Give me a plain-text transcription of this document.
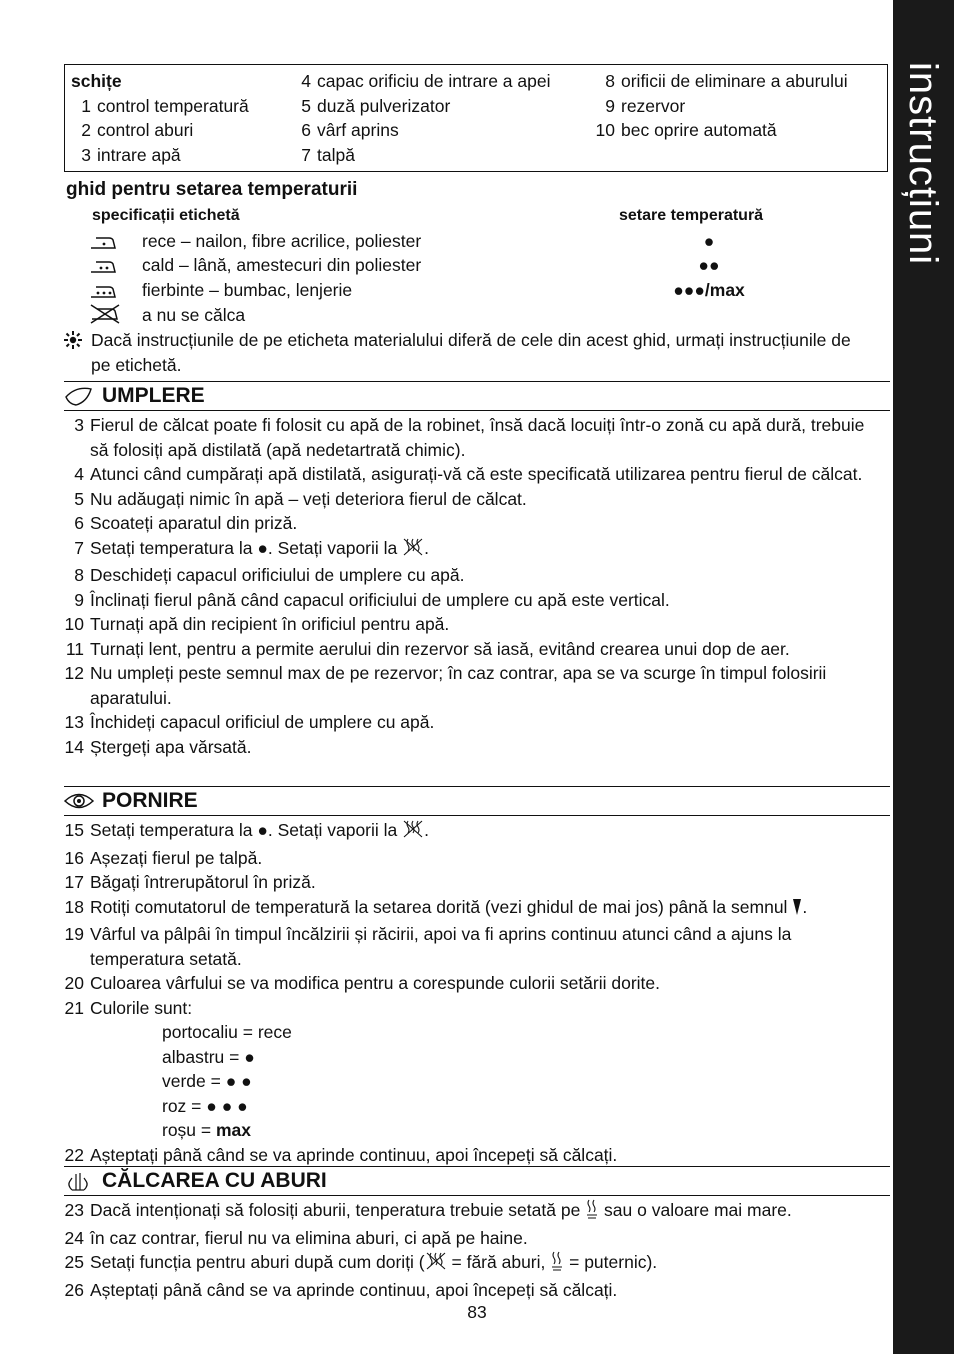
instrucțiuni
schițe
1 control temperatură
2 control aburi
3 intrare apă
4 capac orificiu de intrare a apei
5 duză pulverizator
6 vârf aprins
7 talpă
8 orificii de eliminare a aburului
9 rezervor
10 bec oprire automată
ghid pentru setarea temperaturii
specificații etichetă	setare temperatură
rece – nailon, fibre acrilice, poliester	●
cald – lână, amestecuri din poliester	●●
fierbinte – bumbac, lenjerie	●●●/max
a nu se călca
Dacă instrucțiunile de pe eticheta materialului diferă de cele din acest ghid, urmați instrucțiunile de pe etichetă.
UMPLERE
3 Fierul de călcat poate fi folosit cu apă de la robinet, însă dacă locuiți într-o zonă cu apă dură, trebuie să folosiți apă distilată (apă nedetartrată chimic).
4 Atunci când cumpărați apă distilată, asigurați-vă că este specificată utilizarea pentru fierul de călcat.
5 Nu adăugați nimic în apă – veți deteriora fierul de călcat.
6 Scoateți aparatul din priză.
7 Setați temperatura la ●. Setați vaporii la .
8 Deschideți capacul orificiului de umplere cu apă.
9 Înclinați fierul până când capacul orificiului de umplere cu apă este vertical.
10 Turnați apă din recipient în orificiul pentru apă.
11 Turnați lent, pentru a permite aerului din rezervor să iasă, evitând crearea unui dop de aer.
12 Nu umpleți peste semnul max de pe rezervor; în caz contrar, apa se va scurge în timpul folosirii aparatului.
13 Închideți capacul orificiul de umplere cu apă.
14 Ștergeți apa vărsată.
PORNIRE
15 Setați temperatura la ●. Setați vaporii la .
16 Așezați fierul pe talpă.
17 Băgați întrerupătorul în priză.
18 Rotiți comutatorul de temperatură la setarea dorită (vezi ghidul de mai jos) până la semnul .
19 Vârful va pâlpâi în timpul încălzirii și răcirii, apoi va fi aprins continuu atunci când a ajuns la temperatura setată.
20 Culoarea vârfului se va modifica pentru a corespunde culorii setării dorite.
21 Culorile sunt:
portocaliu = rece
albastru = ●
verde = ● ●
roz = ● ● ●
roșu = max
22 Așteptați până când se va aprinde continuu, apoi începeți să călcați.
CĂLCAREA CU ABURI
23 Dacă intenționați să folosiți aburii, tenperatura trebuie setată pe  sau o valoare mai mare.
24 în caz contrar, fierul nu va elimina aburi, ci apă pe haine.
25 Setați funcția pentru aburi după cum doriți ( = fără aburi,  = puternic).
26 Așteptați până când se va aprinde continuu, apoi începeți să călcați.
83
